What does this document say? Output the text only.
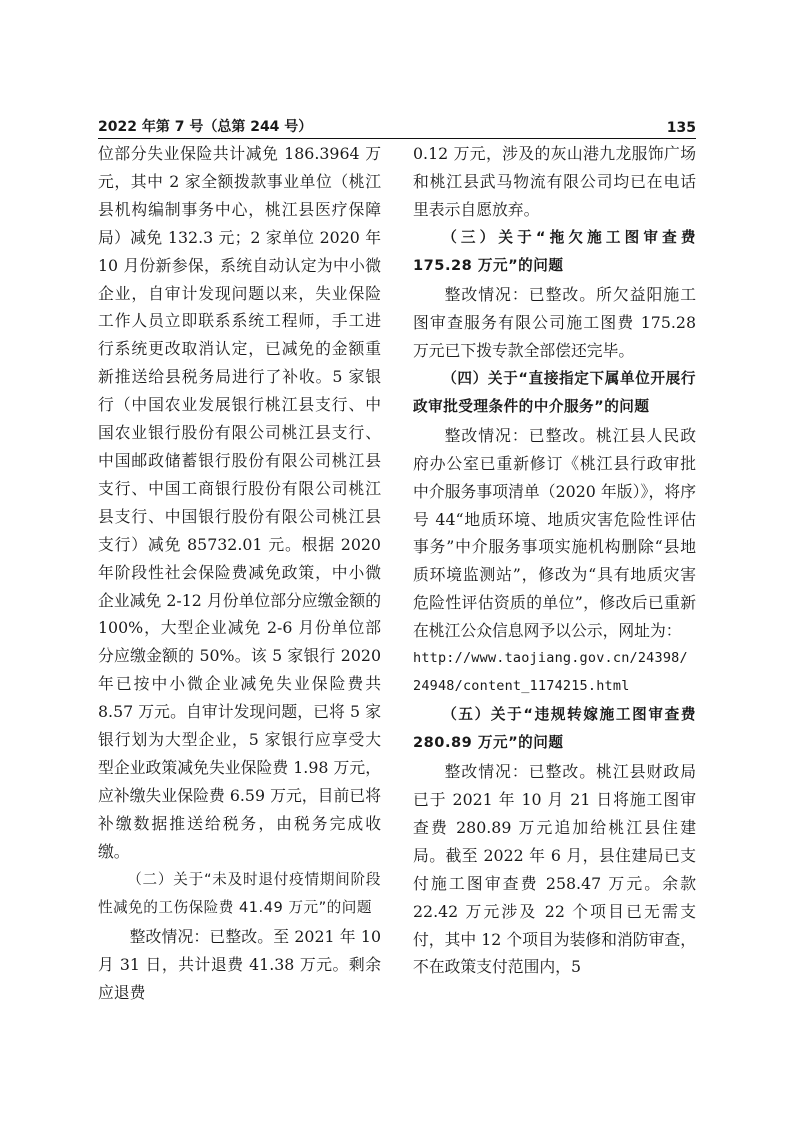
2022 年第 7 号（总第 244 号）	135

位部分失业保险共计减免 186.3964 万元，其中 2 家全额拨款事业单位（桃江县机构编制事务中心，桃江县医疗保障局）减免 132.3 元；2 家单位 2020 年 10 月份新参保，系统自动认定为中小微企业，自审计发现问题以来，失业保险工作人员立即联系系统工程师，手工进行系统更改取消认定，已减免的金额重新推送给县税务局进行了补收。5 家银行（中国农业发展银行桃江县支行、中国农业银行股份有限公司桃江县支行、中国邮政储蓄银行股份有限公司桃江县支行、中国工商银行股份有限公司桃江县支行、中国银行股份有限公司桃江县支行）减免 85732.01 元。根据 2020 年阶段性社会保险费减免政策，中小微企业减免 2-12 月份单位部分应缴金额的 100%，大型企业减免 2-6 月份单位部分应缴金额的 50%。该 5 家银行 2020 年已按中小微企业减免失业保险费共 8.57 万元。自审计发现问题，已将 5 家银行划为大型企业，5 家银行应享受大型企业政策减免失业保险费 1.98 万元，应补缴失业保险费 6.59 万元，目前已将补缴数据推送给税务，由税务完成收缴。

（二）关于“未及时退付疫情期间阶段性减免的工伤保险费 41.49 万元”的问题

整改情况：已整改。至 2021 年 10 月 31 日，共计退费 41.38 万元。剩余应退费

0.12 万元，涉及的灰山港九龙服饰广场和桃江县武马物流有限公司均已在电话里表示自愿放弃。

（三）关于“拖欠施工图审查费 175.28 万元”的问题

整改情况：已整改。所欠益阳施工图审查服务有限公司施工图费 175.28 万元已下拨专款全部偿还完毕。

（四）关于“直接指定下属单位开展行政审批受理条件的中介服务”的问题

整改情况：已整改。桃江县人民政府办公室已重新修订《桃江县行政审批中介服务事项清单（2020 年版）》，将序号 44“地质环境、地质灾害危险性评估事务”中介服务事项实施机构删除“县地质环境监测站”，修改为“具有地质灾害危险性评估资质的单位”，修改后已重新在桃江公众信息网予以公示，网址为：

http://www.taojiang.gov.cn/24398/24948/content_1174215.html

（五）关于“违规转嫁施工图审查费 280.89 万元”的问题

整改情况：已整改。桃江县财政局已于 2021 年 10 月 21 日将施工图审查费 280.89 万元追加给桃江县住建局。截至 2022 年 6 月，县住建局已支付施工图审查费 258.47 万元。余款 22.42 万元涉及 22 个项目已无需支付，其中 12 个项目为装修和消防审查，不在政策支付范围内，5
